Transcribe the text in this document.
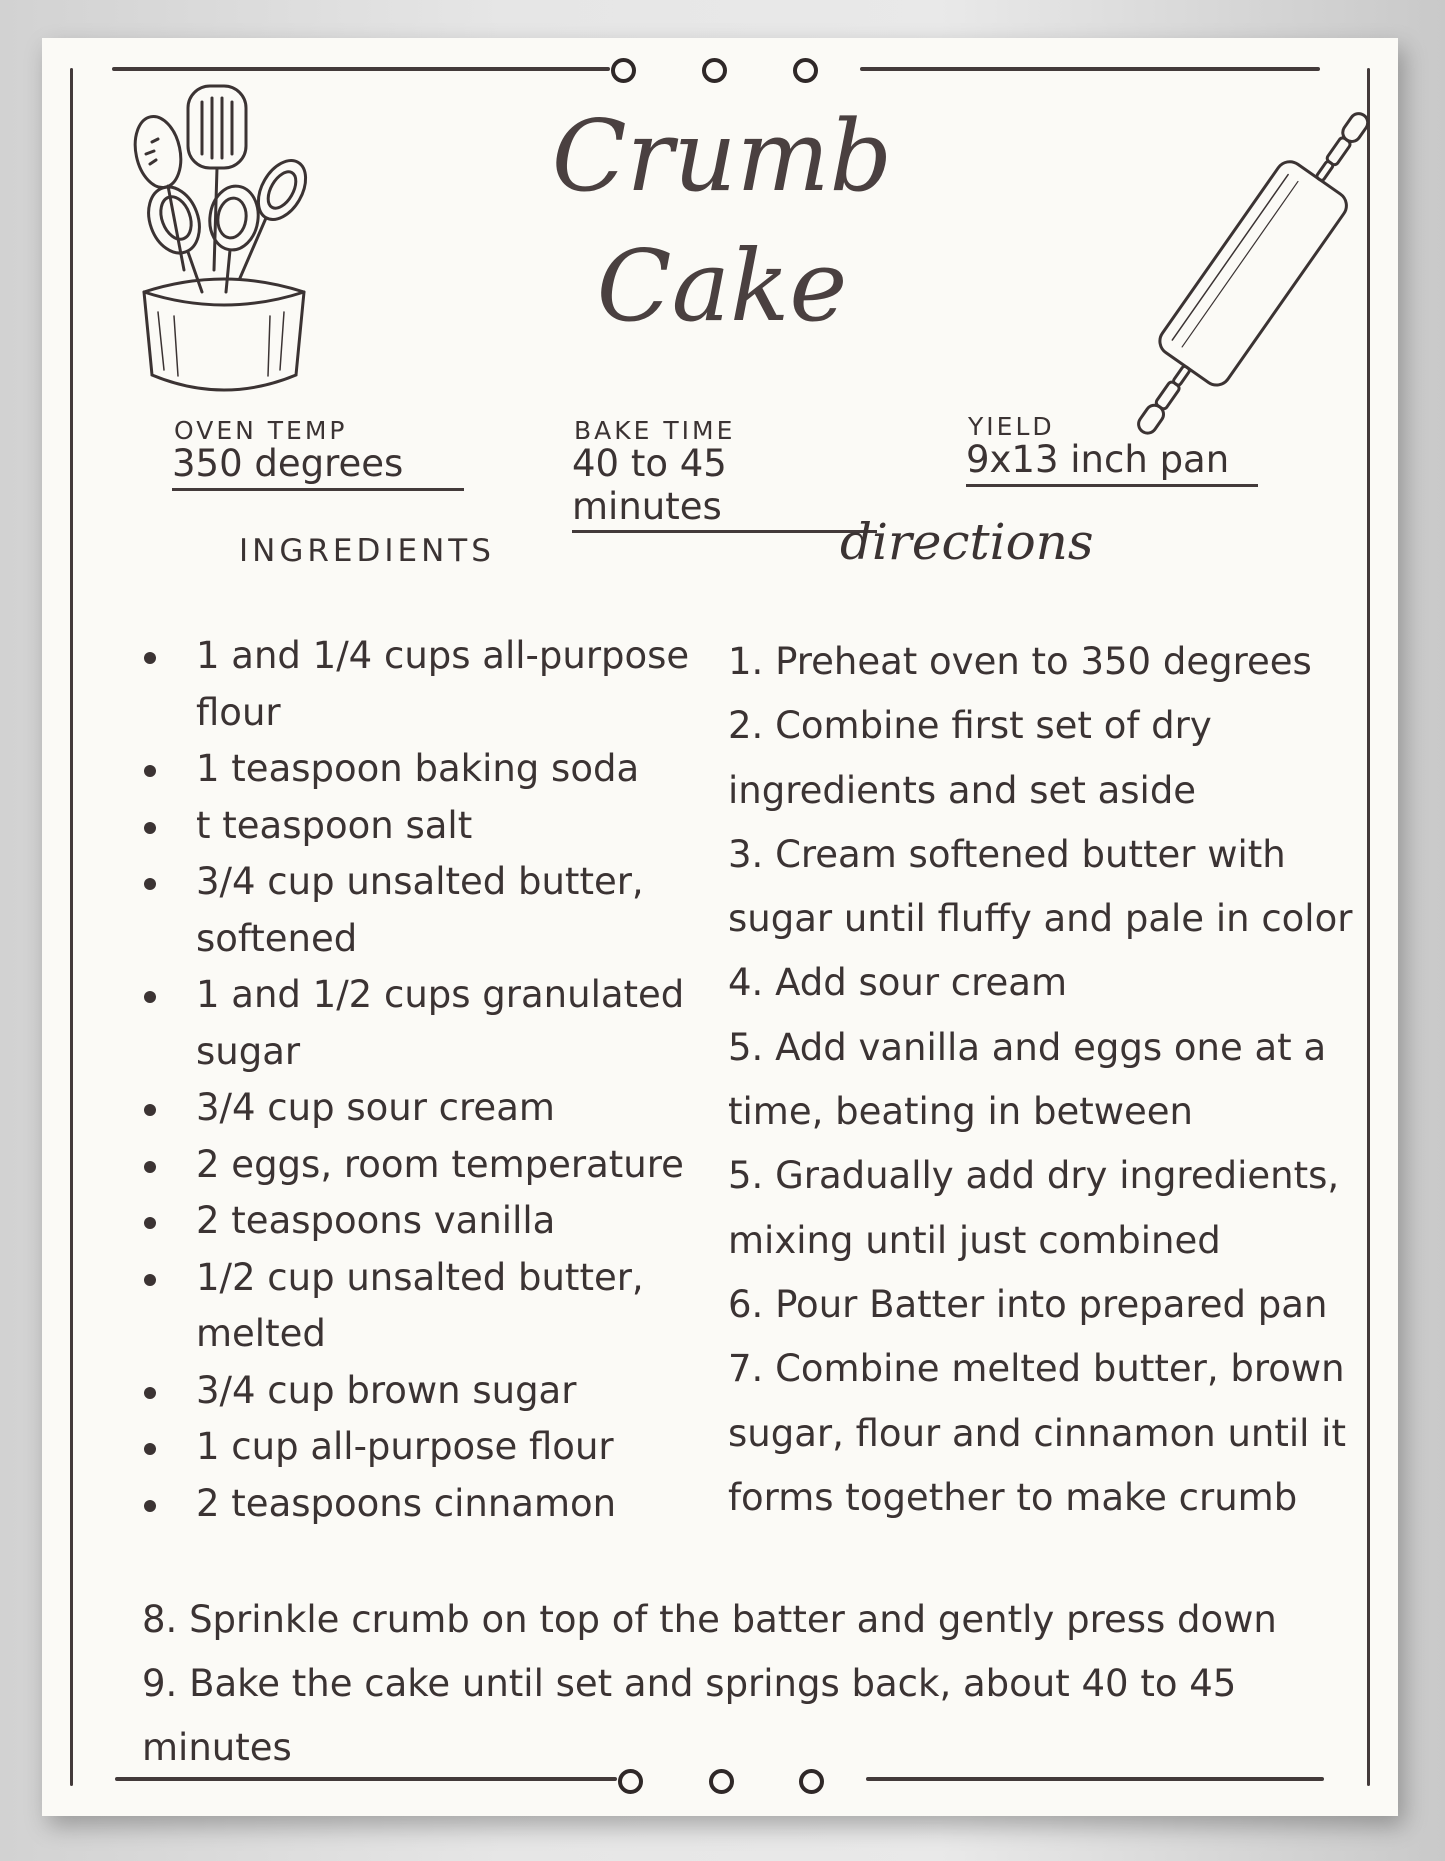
Crumb
Cake
OVEN TEMP
350 degrees
BAKE TIME
40 to 45 minutes
YIELD
9x13 inch pan
INGREDIENTS	directions
1 and 1/4 cups all-purpose flour
1 teaspoon baking soda
t teaspoon salt
3/4 cup unsalted butter, softened
1 and 1/2 cups granulated sugar
3/4 cup sour cream
2 eggs, room temperature
2 teaspoons vanilla
1/2 cup unsalted butter, melted
3/4 cup brown sugar
1 cup all-purpose flour
2 teaspoons cinnamon
1. Preheat oven to 350 degrees
2. Combine first set of dry ingredients and set aside
3. Cream softened butter with sugar until fluffy and pale in color
4. Add sour cream
5. Add vanilla and eggs one at a time, beating in between
5. Gradually add dry ingredients, mixing until just combined
6. Pour Batter into prepared pan
7. Combine melted butter, brown sugar, flour and cinnamon until it forms together to make crumb
8. Sprinkle crumb on top of the batter and gently press down
9. Bake the cake until set and springs back, about 40 to 45 minutes
